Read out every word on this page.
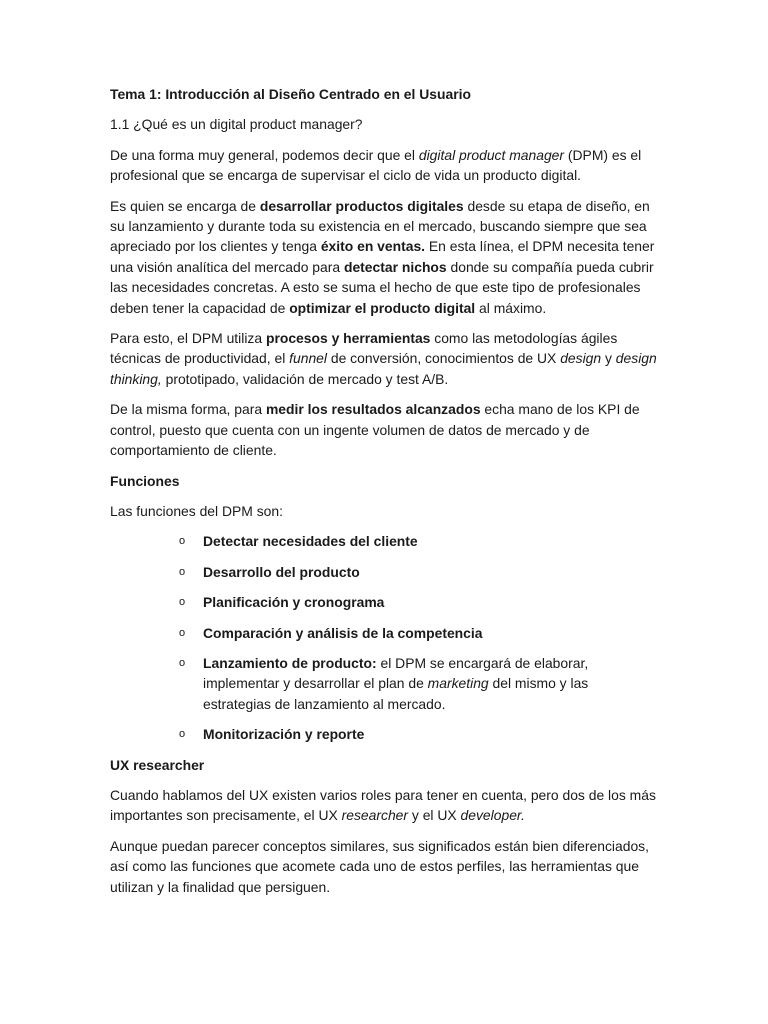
Tema 1: Introducción al Diseño Centrado en el Usuario

1.1 ¿Qué es un digital product manager?

De una forma muy general, podemos decir que el digital product manager (DPM) es el profesional que se encarga de supervisar el ciclo de vida un producto digital.

Es quien se encarga de desarrollar productos digitales desde su etapa de diseño, en su lanzamiento y durante toda su existencia en el mercado, buscando siempre que sea apreciado por los clientes y tenga éxito en ventas. En esta línea, el DPM necesita tener una visión analítica del mercado para detectar nichos donde su compañía pueda cubrir las necesidades concretas. A esto se suma el hecho de que este tipo de profesionales deben tener la capacidad de optimizar el producto digital al máximo.

Para esto, el DPM utiliza procesos y herramientas como las metodologías ágiles técnicas de productividad, el funnel de conversión, conocimientos de UX design y design thinking, prototipado, validación de mercado y test A/B.

De la misma forma, para medir los resultados alcanzados echa mano de los KPI de control, puesto que cuenta con un ingente volumen de datos de mercado y de comportamiento de cliente.

Funciones

Las funciones del DPM son:

o Detectar necesidades del cliente
o Desarrollo del producto
o Planificación y cronograma
o Comparación y análisis de la competencia
o Lanzamiento de producto: el DPM se encargará de elaborar, implementar y desarrollar el plan de marketing del mismo y las estrategias de lanzamiento al mercado.
o Monitorización y reporte

UX researcher

Cuando hablamos del UX existen varios roles para tener en cuenta, pero dos de los más importantes son precisamente, el UX researcher y el UX developer.

Aunque puedan parecer conceptos similares, sus significados están bien diferenciados, así como las funciones que acomete cada uno de estos perfiles, las herramientas que utilizan y la finalidad que persiguen.
